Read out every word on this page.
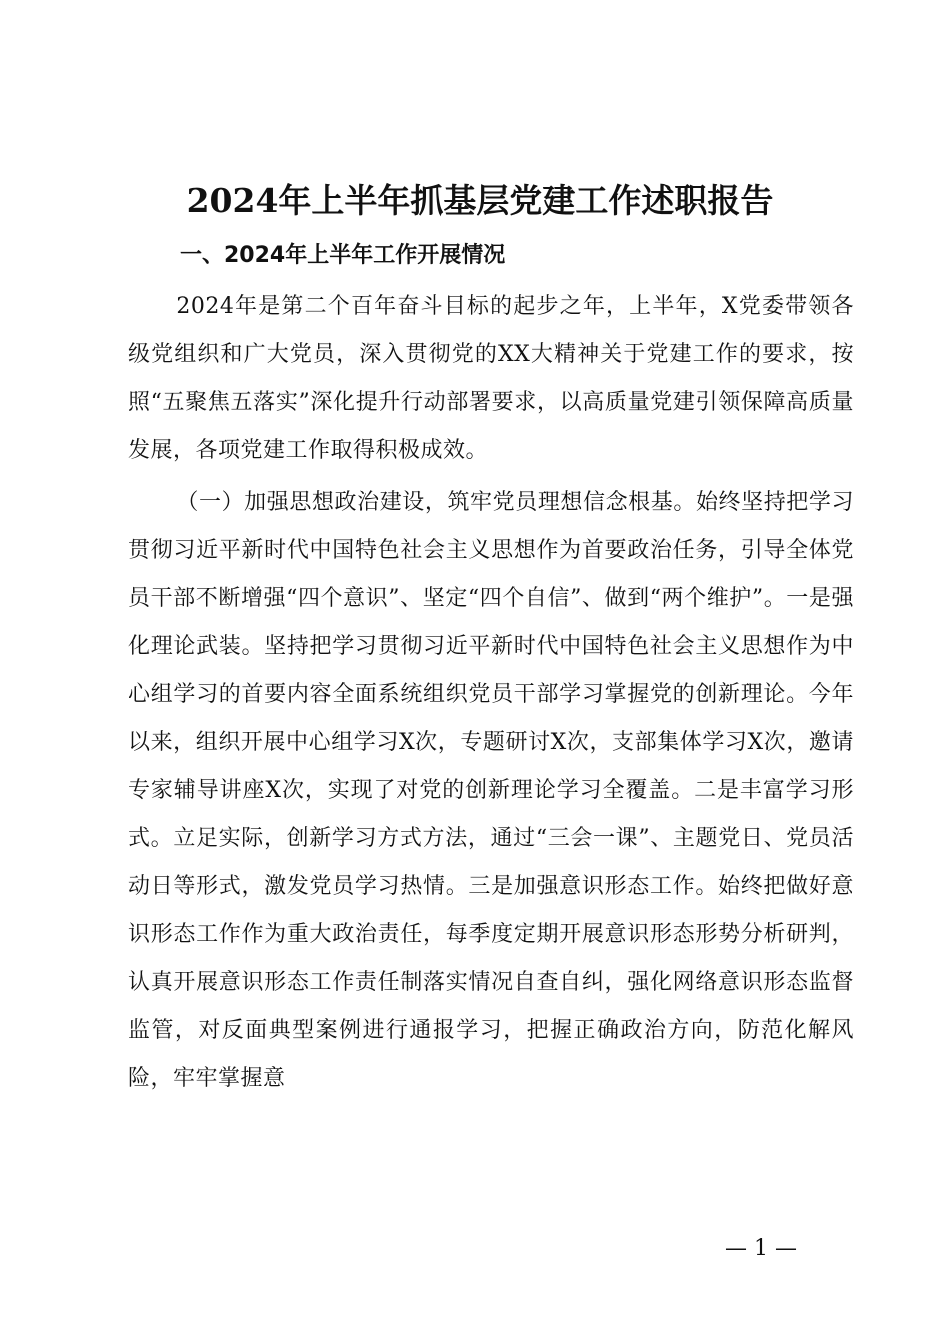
2024年上半年抓基层党建工作述职报告
一、2024年上半年工作开展情况

2024年是第二个百年奋斗目标的起步之年，上半年，X党委带领各级党组织和广大党员，深入贯彻党的XX大精神关于党建工作的要求，按照“五聚焦五落实”深化提升行动部署要求，以高质量党建引领保障高质量发展，各项党建工作取得积极成效。

（一）加强思想政治建设，筑牢党员理想信念根基。始终坚持把学习贯彻习近平新时代中国特色社会主义思想作为首要政治任务，引导全体党员干部不断增强“四个意识”、坚定“四个自信”、做到“两个维护”。一是强化理论武装。坚持把学习贯彻习近平新时代中国特色社会主义思想作为中心组学习的首要内容全面系统组织党员干部学习掌握党的创新理论。今年以来，组织开展中心组学习X次，专题研讨X次，支部集体学习X次，邀请专家辅导讲座X次，实现了对党的创新理论学习全覆盖。二是丰富学习形式。立足实际，创新学习方式方法，通过“三会一课”、主题党日、党员活动日等形式，激发党员学习热情。三是加强意识形态工作。始终把做好意识形态工作作为重大政治责任，每季度定期开展意识形态形势分析研判，认真开展意识形态工作责任制落实情况自查自纠，强化网络意识形态监督监管，对反面典型案例进行通报学习，把握正确政治方向，防范化解风险，牢牢掌握意

— 1 —
